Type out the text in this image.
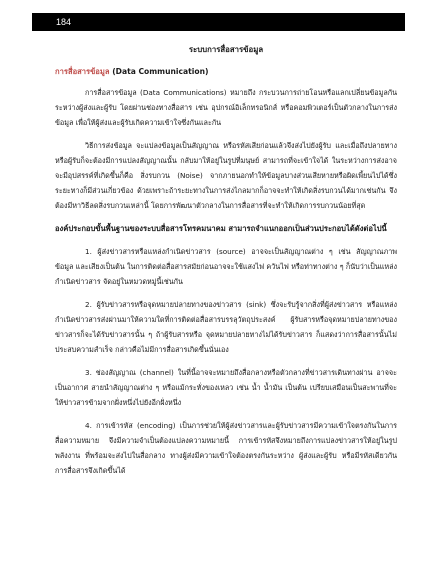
184
ระบบการสื่อสารข้อมูล
การสื่อสารข้อมูล (Data Communication)

การสื่อสารข้อมูล (Data Communications) หมายถึง กระบวนการถ่ายโอนหรือแลกเปลี่ยนข้อมูลกันระหว่างผู้ส่งและผู้รับ โดยผ่านช่องทางสื่อสาร เช่น อุปกรณ์อิเล็กทรอนิกส์ หรือคอมพิวเตอร์เป็นตัวกลางในการส่งข้อมูล เพื่อให้ผู้ส่งและผู้รับเกิดความเข้าใจซึ่งกันและกัน

วิธีการส่งข้อมูล จะแปลงข้อมูลเป็นสัญญาณ หรือรหัสเสียก่อนแล้วจึงส่งไปยังผู้รับ และเมื่อถึงปลายทางหรือผู้รับก็จะต้องมีการแปลงสัญญาณนั้น กลับมาให้อยู่ในรูปที่มนุษย์ สามารถที่จะเข้าใจได้ ในระหว่างการส่งอาจจะมีอุปสรรค์ที่เกิดขึ้นก็คือ สิ่งรบกวน (Noise) จากภายนอกทำให้ข้อมูลบางส่วนเสียหายหรือผิดเพี้ยนไปได้ซึ่งระยะทางก็มีส่วนเกี่ยวข้อง ด้วยเพราะถ้าระยะทางในการส่งไกลมากก็อาจจะทำให้เกิดสิ่งรบกวนได้มากเช่นกัน จึงต้องมีหาวิธีลดสิ่งรบกวนเหล่านี้ โดยการพัฒนาตัวกลางในการสื่อสารที่จะทำให้เกิดการรบกวนน้อยที่สุด

องค์ประกอบขั้นพื้นฐานของระบบสื่อสารโทรคมนาคม สามารถจำแนกออกเป็นส่วนประกอบได้ดังต่อไปนี้
1. ผู้ส่งข่าวสารหรือแหล่งกำเนิดข่าวสาร (source) อาจจะเป็นสัญญาณต่าง ๆ เช่น สัญญาณภาพ ข้อมูล และเสียงเป็นต้น ในการติดต่อสื่อสารสมัยก่อนอาจจะใช้แสงไฟ ควันไฟ หรือท่าทางต่าง ๆ ก็นับว่าเป็นแหล่งกำเนิดข่าวสาร จัดอยู่ในหมวดหมู่นี้เช่นกัน
2. ผู้รับข่าวสารหรือจุดหมายปลายทางของข่าวสาร (sink) ซึ่งจะรับรู้จากสิ่งที่ผู้ส่งข่าวสาร หรือแหล่งกำเนิดข่าวสารส่งผ่านมาให้ความใดที่การติดต่อสื่อสารบรรลุวัตถุประสงค์ ผู้รับสารหรือจุดหมายปลายทางของข่าวสารก็จะได้รับข่าวสารนั้น ๆ ถ้าผู้รับสารหรือ จุดหมายปลายทางไม่ได้รับข่าวสาร ก็แสดงว่าการสื่อสารนั้นไม่ประสบความสำเร็จ กล่าวคือไม่มีการสื่อสารเกิดขึ้นนั่นเอง
3. ช่องสัญญาณ (channel) ในที่นี้อาจจะหมายถึงสื่อกลางหรือตัวกลางที่ข่าวสารเดินทางผ่าน อาจจะเป็นอากาศ สายนำสัญญาณต่าง ๆ หรือแม้กระทั่งของเหลว เช่น น้ำ น้ำมัน เป็นต้น เปรียบเสมือนเป็นสะพานที่จะให้ข่าวสารข้ามจากฝั่งหนึ่งไปยังอีกฝั่งหนึ่ง
4. การเข้ารหัส (encoding) เป็นการช่วยให้ผู้ส่งข่าวสารและผู้รับข่าวสารมีความเข้าใจตรงกันในการสื่อความหมาย จึงมีความจำเป็นต้องแปลงความหมายนี้ การเข้ารหัสจึงหมายถึงการแปลงข่าวสารให้อยู่ในรูปพลังงาน ที่พร้อมจะส่งไปในสื่อกลาง ทางผู้ส่งมีความเข้าใจต้องตรงกันระหว่าง ผู้ส่งและผู้รับ หรือมีรหัสเดียวกัน การสื่อสารจึงเกิดขึ้นได้
